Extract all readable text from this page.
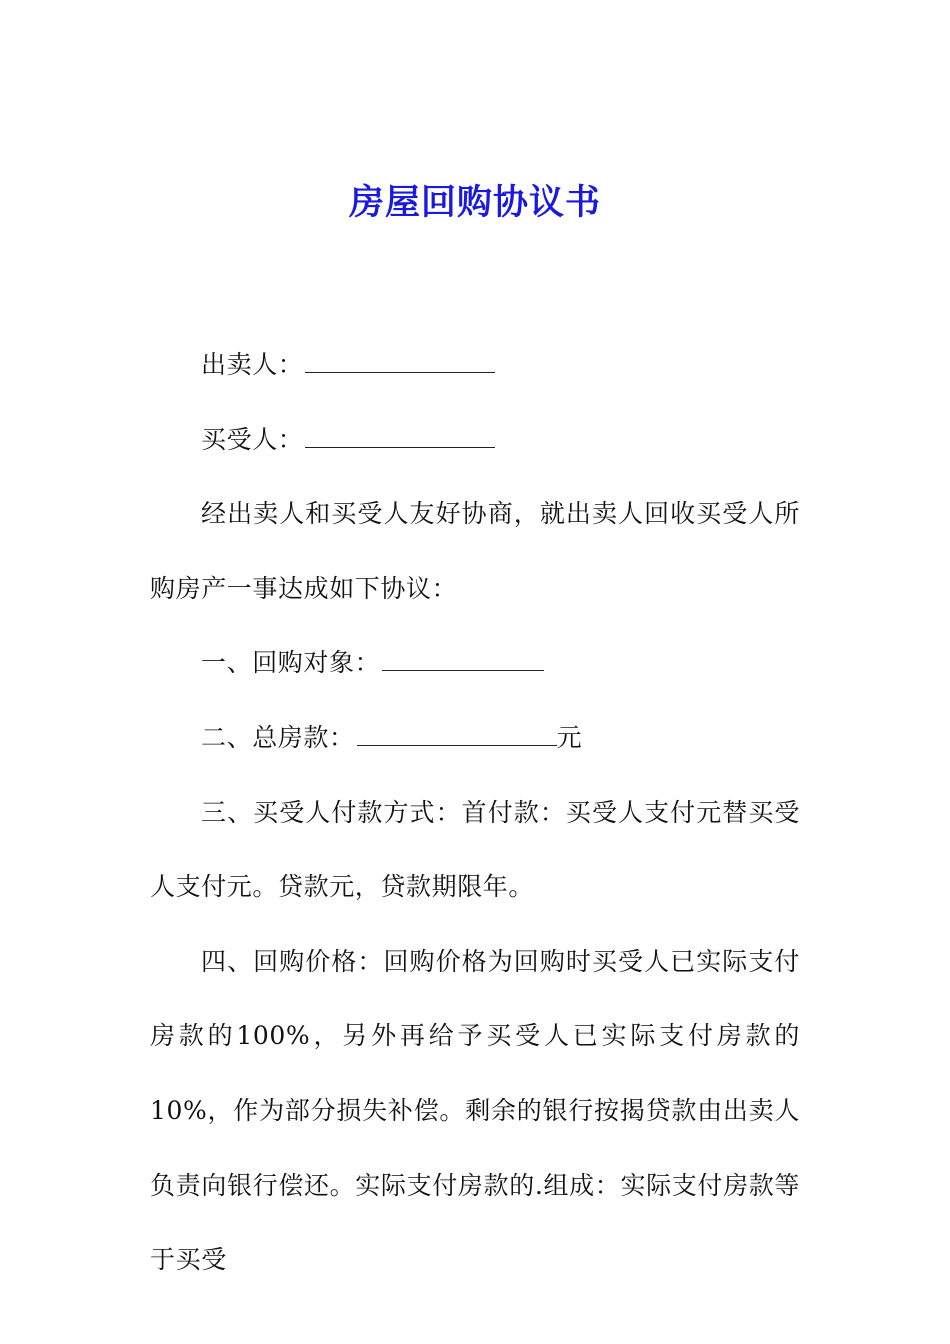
房屋回购协议书

出卖人：

买受人：

经出卖人和买受人友好协商，就出卖人回收买受人所购房产一事达成如下协议：

一、回购对象：

二、总房款：	元

三、买受人付款方式：首付款：买受人支付元替买受人支付元。贷款元，贷款期限年。

四、回购价格：回购价格为回购时买受人已实际支付房款的100%，另外再给予买受人已实际支付房款的10%，作为部分损失补偿。剩余的银行按揭贷款由出卖人负责向银行偿还。实际支付房款的.组成：实际支付房款等于买受
